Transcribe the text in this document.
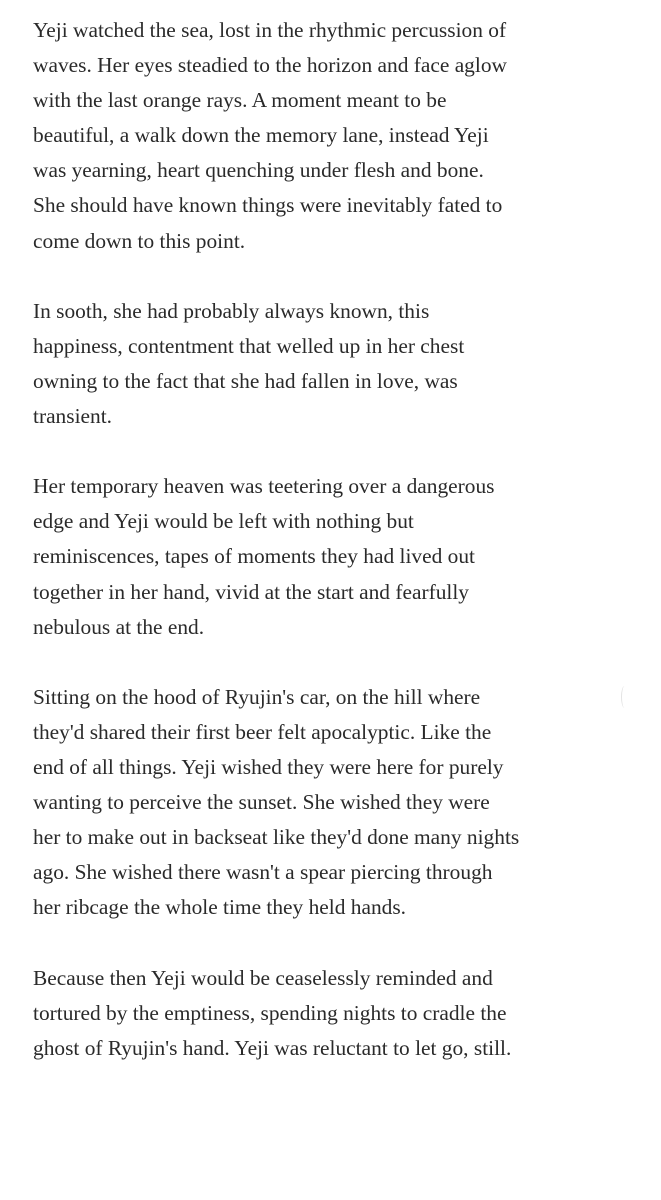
Yeji watched the sea, lost in the rhythmic percussion of
waves. Her eyes steadied to the horizon and face aglow
with the last orange rays. A moment meant to be
beautiful, a walk down the memory lane, instead Yeji
was yearning, heart quenching under flesh and bone.
She should have known things were inevitably fated to
come down to this point.

In sooth, she had probably always known, this
happiness, contentment that welled up in her chest
owning to the fact that she had fallen in love, was
transient.

Her temporary heaven was teetering over a dangerous
edge and Yeji would be left with nothing but
reminiscences, tapes of moments they had lived out
together in her hand, vivid at the start and fearfully
nebulous at the end.

Sitting on the hood of Ryujin's car, on the hill where
they'd shared their first beer felt apocalyptic. Like the
end of all things. Yeji wished they were here for purely
wanting to perceive the sunset. She wished they were
her to make out in backseat like they'd done many nights
ago. She wished there wasn't a spear piercing through
her ribcage the whole time they held hands.

Because then Yeji would be ceaselessly reminded and
tortured by the emptiness, spending nights to cradle the
ghost of Ryujin's hand. Yeji was reluctant to let go, still.
